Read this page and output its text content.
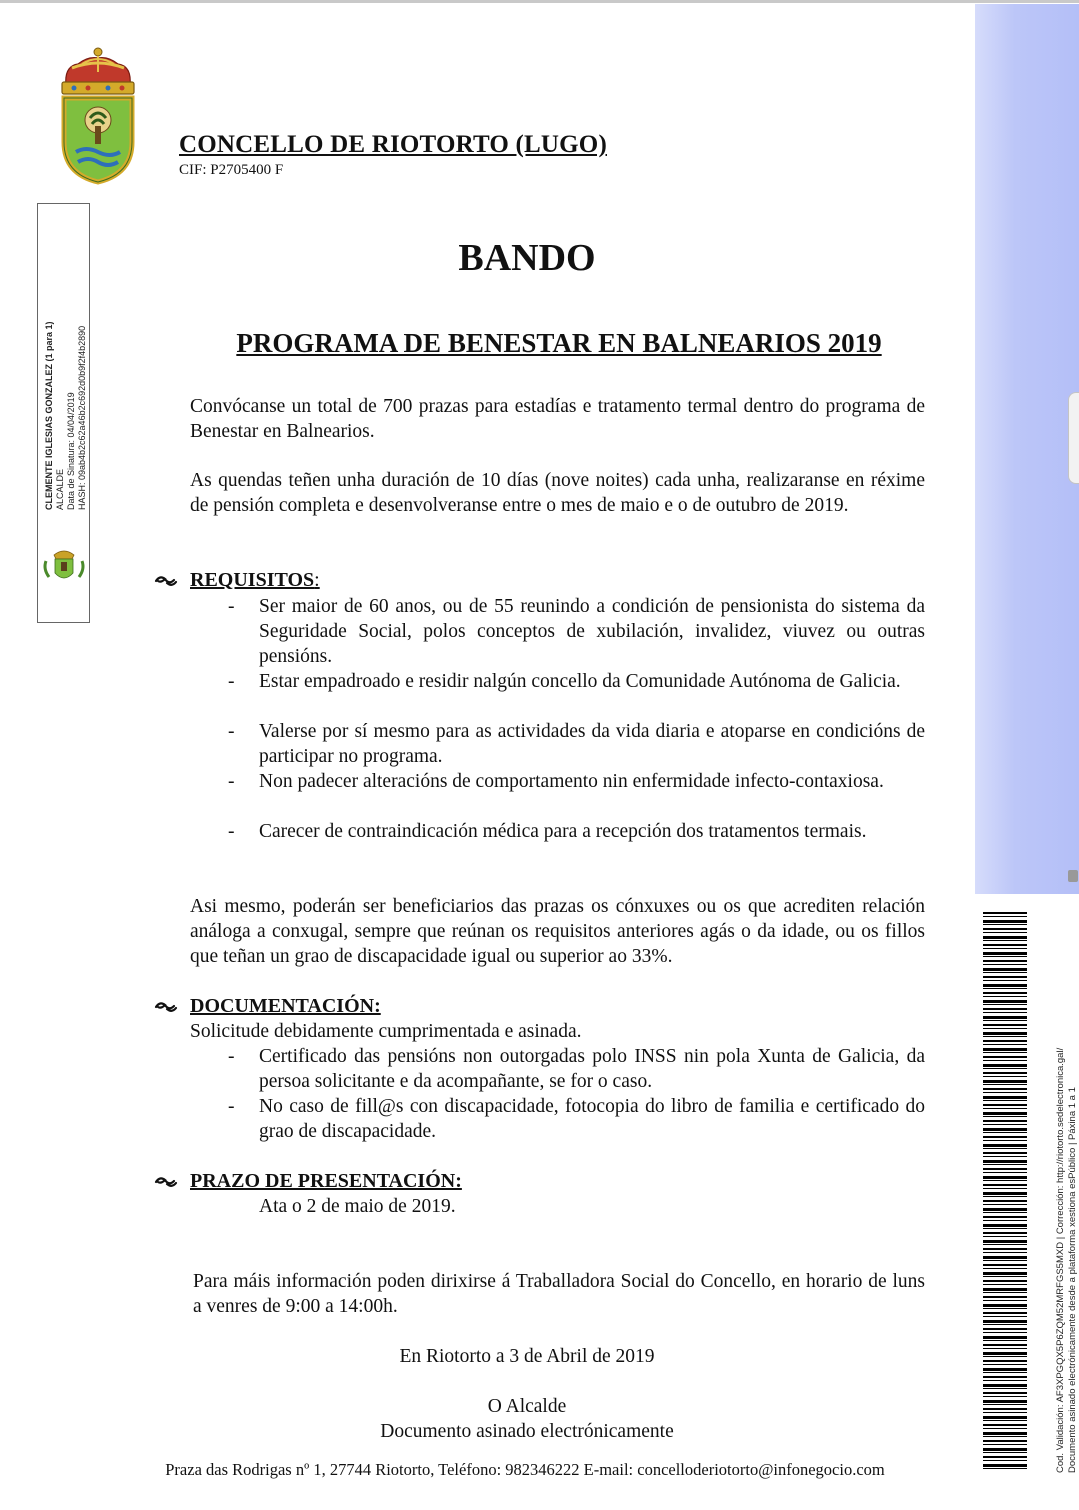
Cod. Validación: AF3XPGQX5P6ZQM52MRFGS5MXD | Corrección: http://riotorto.sedelectronica.gal/ Documento asinado electrónicamente desde a plataforma xestiona esPúblico | Páxina 1 a 1
CLEMENTE IGLESIAS GONZALEZ (1 para 1) ALCALDE Data de Sinatura: 04/04/2019 HASH: 09ab4b2c62a46b2c692d0b9f2f4b2890
CONCELLO DE RIOTORTO (LUGO)
CIF: P2705400 F
BANDO
PROGRAMA DE BENESTAR EN BALNEARIOS 2019

Convócanse un total de 700 prazas para estadías e tratamento termal dentro do programa de Benestar en Balnearios.

As quendas teñen unha duración de 10 días (nove noites) cada unha, realizaranse en réxime de pensión completa e desenvolveranse entre o mes de maio e o de outubro de 2019.

REQUISITOS:
- Ser maior de 60 anos, ou de 55 reunindo a condición de pensionista do sistema da Seguridade Social, polos conceptos de xubilación, invalidez, viuvez ou outras pensións.

- Estar empadroado e residir nalgún concello da Comunidade Autónoma de Galicia.

- Valerse por sí mesmo para as actividades da vida diaria e atoparse en condicións de participar no programa.

- Non padecer alteracións de comportamento nin enfermidade infecto-contaxiosa.

- Carecer de contraindicación médica para a recepción dos tratamentos termais.

Asi mesmo, poderán ser beneficiarios das prazas os cónxuxes ou os que acrediten relación análoga a conxugal, sempre que reúnan os requisitos anteriores agás o da idade, ou os fillos que teñan un grao de discapacidade igual ou superior ao 33%.

DOCUMENTACIÓN:

Solicitude debidamente cumprimentada e asinada.

- Certificado das pensións non outorgadas polo INSS nin pola Xunta de Galicia, da persoa solicitante e da acompañante, se for o caso.

- No caso de fill@s con discapacidade, fotocopia do libro de familia e certificado do grao de discapacidade.

PRAZO DE PRESENTACIÓN:

Ata o 2 de maio de 2019.

Para máis información poden dirixirse á Traballadora Social do Concello, en horario de luns a venres de 9:00 a 14:00h.

En Riotorto a 3 de Abril de 2019

O Alcalde

Documento asinado electrónicamente

Praza das Rodrigas nº 1, 27744 Riotorto, Teléfono: 982346222 E-mail: concelloderiotorto@infonegocio.com
